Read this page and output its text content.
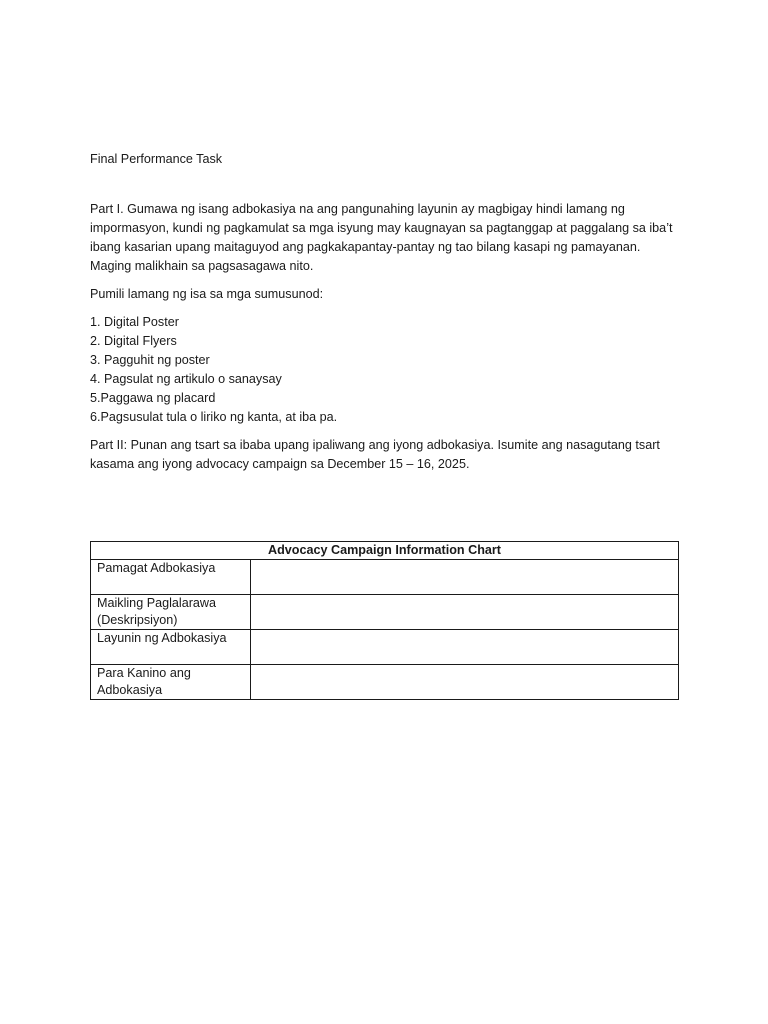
Final Performance Task

Part I. Gumawa ng isang adbokasiya na ang pangunahing layunin ay magbigay hindi lamang ng impormasyon, kundi ng pagkamulat sa mga isyung may kaugnayan sa pagtanggap at paggalang sa iba’t ibang kasarian upang maitaguyod ang pagkakapantay-pantay ng tao bilang kasapi ng pamayanan. Maging malikhain sa pagsasagawa nito.

Pumili lamang ng isa sa mga sumusunod:

1. Digital Poster
2. Digital Flyers
3. Pagguhit ng poster
4. Pagsulat ng artikulo o sanaysay
5.Paggawa ng placard
6.Pagsusulat tula o liriko ng kanta, at iba pa.

Part II: Punan ang tsart sa ibaba upang ipaliwang ang iyong adbokasiya. Isumite ang nasagutang tsart kasama ang iyong advocacy campaign sa December 15 – 16, 2025.

Advocacy Campaign Information Chart	
Pamagat Adbokasiya	
Maikling Paglalarawa (Deskripsiyon)	
Layunin ng Adbokasiya	
Para Kanino ang Adbokasiya	
